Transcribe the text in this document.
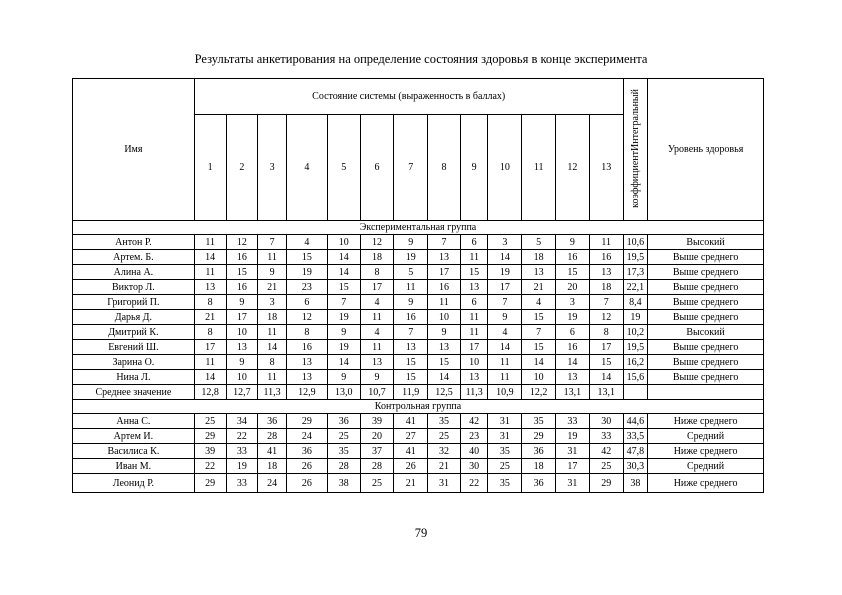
Результаты анкетирования на определение состояния здоровья в конце эксперимента
Имя	Состояние системы (выраженность в баллах)													коэффициентИнтегральный	Уровень здоровья
	1	2	3	4	5	6	7	8	9	10	11	12	13		
Экспериментальная группа															
Антон Р.	11	12	7	4	10	12	9	7	6	3	5	9	11	10,6	Высокий
Артем. Б.	14	16	11	15	14	18	19	13	11	14	18	16	16	19,5	Выше среднего
Алина А.	11	15	9	19	14	8	5	17	15	19	13	15	13	17,3	Выше среднего
Виктор Л.	13	16	21	23	15	17	11	16	13	17	21	20	18	22,1	Выше среднего
Григорий П.	8	9	3	6	7	4	9	11	6	7	4	3	7	8,4	Выше среднего
Дарья Д.	21	17	18	12	19	11	16	10	11	9	15	19	12	19	Выше среднего
Дмитрий К.	8	10	11	8	9	4	7	9	11	4	7	6	8	10,2	Высокий
Евгений Ш.	17	13	14	16	19	11	13	13	17	14	15	16	17	19,5	Выше среднего
Зарина О.	11	9	8	13	14	13	15	15	10	11	14	14	15	16,2	Выше среднего
Нина Л.	14	10	11	13	9	9	15	14	13	11	10	13	14	15,6	Выше среднего
Среднее значение	12,8	12,7	11,3	12,9	13,0	10,7	11,9	12,5	11,3	10,9	12,2	13,1	13,1		
Контрольная группа															
Анна С.	25	34	36	29	36	39	41	35	42	31	35	33	30	44,6	Ниже среднего
Артем И.	29	22	28	24	25	20	27	25	23	31	29	19	33	33,5	Средний
Василиса К.	39	33	41	36	35	37	41	32	40	35	36	31	42	47,8	Ниже среднего
Иван М.	22	19	18	26	28	28	26	21	30	25	18	17	25	30,3	Средний
Леонид Р.	29	33	24	26	38	25	21	31	22	35	36	31	29	38	Ниже среднего
79
